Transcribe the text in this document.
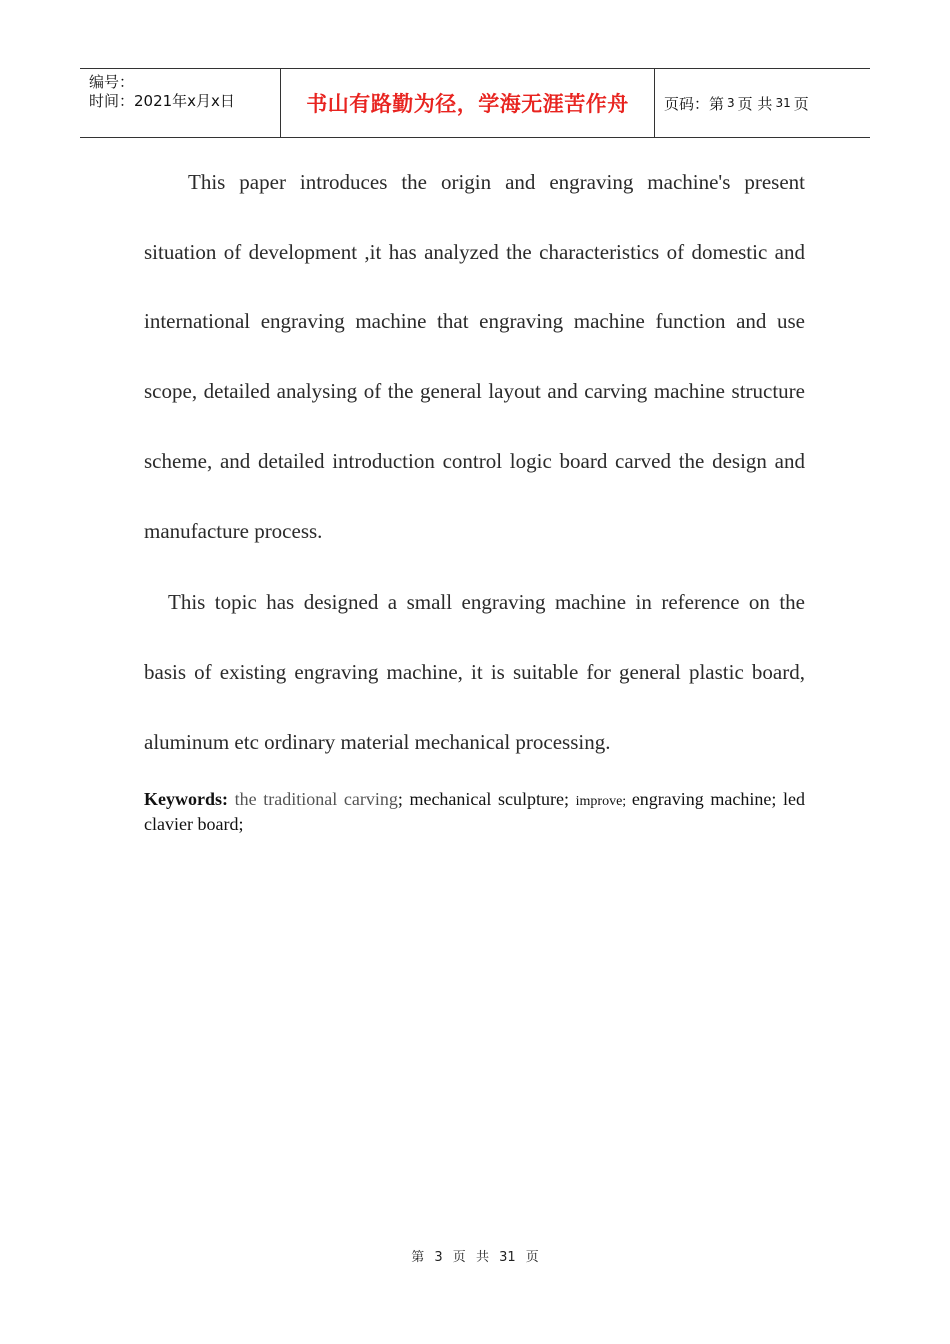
编号：
时间：2021年x月x日	书山有路勤为径，学海无涯苦作舟	页码：第 3 页 共 31 页

This paper introduces the origin and engraving machine's present situation of development ,it has analyzed the characteristics of domestic and international engraving machine that engraving machine function and use scope, detailed analysing of the general layout and carving machine structure scheme, and detailed introduction control logic board carved the design and manufacture process.

This topic has designed a small engraving machine in reference on the basis of existing engraving machine, it is suitable for general plastic board, aluminum etc ordinary material mechanical processing.

Keywords: the traditional carving; mechanical sculpture; improve; engraving machine; led clavier board;
第 3 页 共 31 页
